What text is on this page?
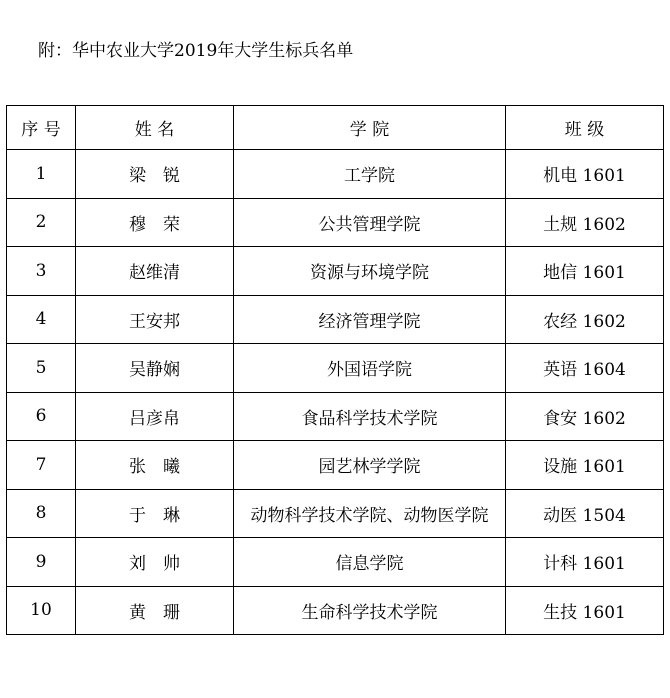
附：华中农业大学2019年大学生标兵名单
序 号	姓 名	学 院	班 级
1	梁　锐	工学院	机电 1601
2	穆　荣	公共管理学院	土规 1602
3	赵维清	资源与环境学院	地信 1601
4	王安邦	经济管理学院	农经 1602
5	吴静娴	外国语学院	英语 1604
6	吕彦帛	食品科学技术学院	食安 1602
7	张　曦	园艺林学学院	设施 1601
8	于　琳	动物科学技术学院、动物医学院	动医 1504
9	刘　帅	信息学院	计科 1601
10	黄　珊	生命科学技术学院	生技 1601
